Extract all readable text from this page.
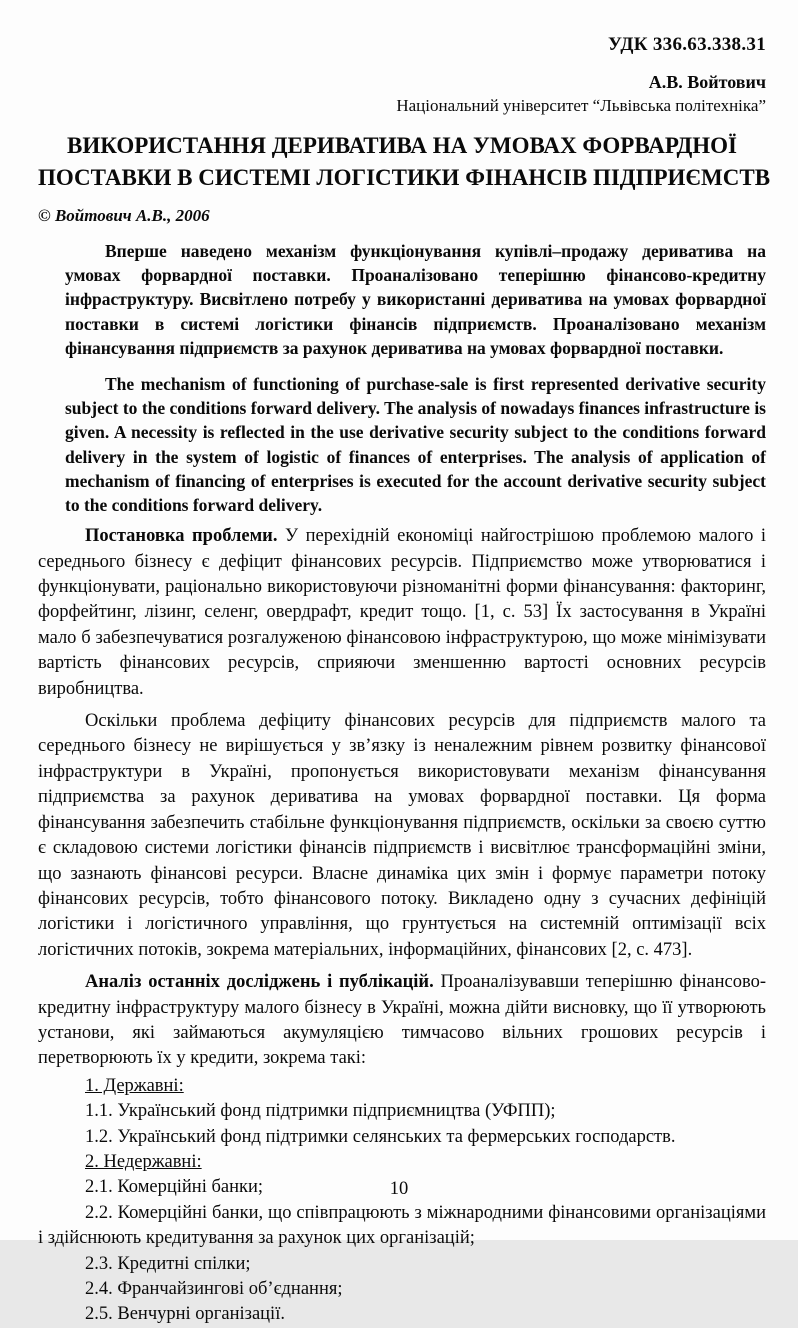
УДК 336.63.338.31
А.В. Войтович
Національний університет “Львівська політехніка”
ВИКОРИСТАННЯ ДЕРИВАТИВА НА УМОВАХ ФОРВАРДНОЇ
ПОСТАВКИ В СИСТЕМІ ЛОГІСТИКИ ФІНАНСІВ ПІДПРИЄМСТВ
© Войтович А.В., 2006

Вперше наведено механізм функціонування купівлі–продажу дериватива на умовах форвардної поставки. Проаналізовано теперішню фінансово-кредитну інфраструктуру. Висвітлено потребу у використанні дериватива на умовах форвардної поставки в системі логістики фінансів підприємств. Проаналізовано механізм фінансування підприємств за рахунок дериватива на умовах форвардної поставки.

The mechanism of functioning of purchase-sale is first represented derivative security subject to the conditions forward delivery. The analysis of nowadays finances infrastructure is given. A necessity is reflected in the use derivative security subject to the conditions forward delivery in the system of logistic of finances of enterprises. The analysis of application of mechanism of financing of enterprises is executed for the account derivative security subject to the conditions forward delivery.

Постановка проблеми. У перехідній економіці найгострішою проблемою малого і середнього бізнесу є дефіцит фінансових ресурсів. Підприємство може утворюватися і функціонувати, раціонально використовуючи різноманітні форми фінансування: факторинг, форфейтинг, лізинг, селенг, овердрафт, кредит тощо. [1, с. 53] Їх застосування в Україні мало б забезпечуватися розгалуженою фінансовою інфраструктурою, що може мінімізувати вартість фінансових ресурсів, сприяючи зменшенню вартості основних ресурсів виробництва.

Оскільки проблема дефіциту фінансових ресурсів для підприємств малого та середнього бізнесу не вирішується у зв’язку із неналежним рівнем розвитку фінансової інфраструктури в Україні, пропонується використовувати механізм фінансування підприємства за рахунок дериватива на умовах форвардної поставки. Ця форма фінансування забезпечить стабільне функціонування підприємств, оскільки за своєю суттю є складовою системи логістики фінансів підприємств і висвітлює трансформаційні зміни, що зазнають фінансові ресурси. Власне динаміка цих змін і формує параметри потоку фінансових ресурсів, тобто фінансового потоку. Викладено одну з сучасних дефініцій логістики і логістичного управління, що грунтується на системній оптимізації всіх логістичних потоків, зокрема матеріальних, інформаційних, фінансових [2, с. 473].

Аналіз останніх досліджень і публікацій. Проаналізувавши теперішню фінансово-кредитну інфраструктуру малого бізнесу в Україні, можна дійти висновку, що її утворюють установи, які займаються акумуляцією тимчасово вільних грошових ресурсів і перетворюють їх у кредити, зокрема такі:

1. Державні:

1.1. Український фонд підтримки підприємництва (УФПП);

1.2. Український фонд підтримки селянських та фермерських господарств.

2. Недержавні:

2.1. Комерційні банки;

2.2. Комерційні банки, що співпрацюють з міжнародними фінансовими організаціями і здійснюють кредитування за рахунок цих організацій;

2.3. Кредитні спілки;

2.4. Франчайзингові об’єднання;

2.5. Венчурні організації.

10
